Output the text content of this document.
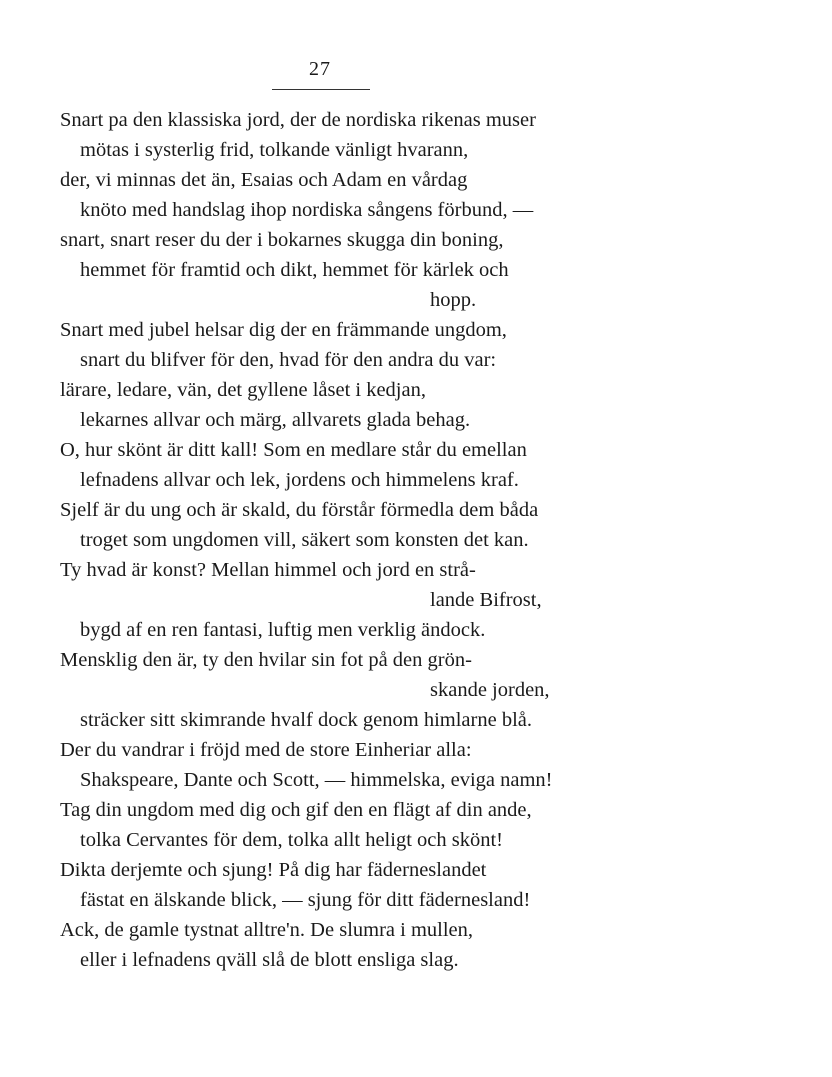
27
Snart pa den klassiska jord, der de nordiska rikenas muser
mötas i systerlig frid, tolkande vänligt hvarann,
der, vi minnas det än, Esaias och Adam en vårdag
knöto med handslag ihop nordiska sångens förbund, —
snart, snart reser du der i bokarnes skugga din boning,
hemmet för framtid och dikt, hemmet för kärlek och
hopp.
Snart med jubel helsar dig der en främmande ungdom,
snart du blifver för den, hvad för den andra du var:
lärare, ledare, vän, det gyllene låset i kedjan,
lekarnes allvar och märg, allvarets glada behag.
O, hur skönt är ditt kall! Som en medlare står du emellan
lefnadens allvar och lek, jordens och himmelens kraf.
Sjelf är du ung och är skald, du förstår förmedla dem båda
troget som ungdomen vill, säkert som konsten det kan.
Ty hvad är konst? Mellan himmel och jord en strå-
lande Bifrost,
bygd af en ren fantasi, luftig men verklig ändock.
Mensklig den är, ty den hvilar sin fot på den grön-
skande jorden,
sträcker sitt skimrande hvalf dock genom himlarne blå.
Der du vandrar i fröjd med de store Einheriar alla:
Shakspeare, Dante och Scott, — himmelska, eviga namn!
Tag din ungdom med dig och gif den en flägt af din ande,
tolka Cervantes för dem, tolka allt heligt och skönt!
Dikta derjemte och sjung! På dig har fäderneslandet
fästat en älskande blick, — sjung för ditt fädernesland!
Ack, de gamle tystnat alltre'n. De slumra i mullen,
eller i lefnadens qväll slå de blott ensliga slag.
